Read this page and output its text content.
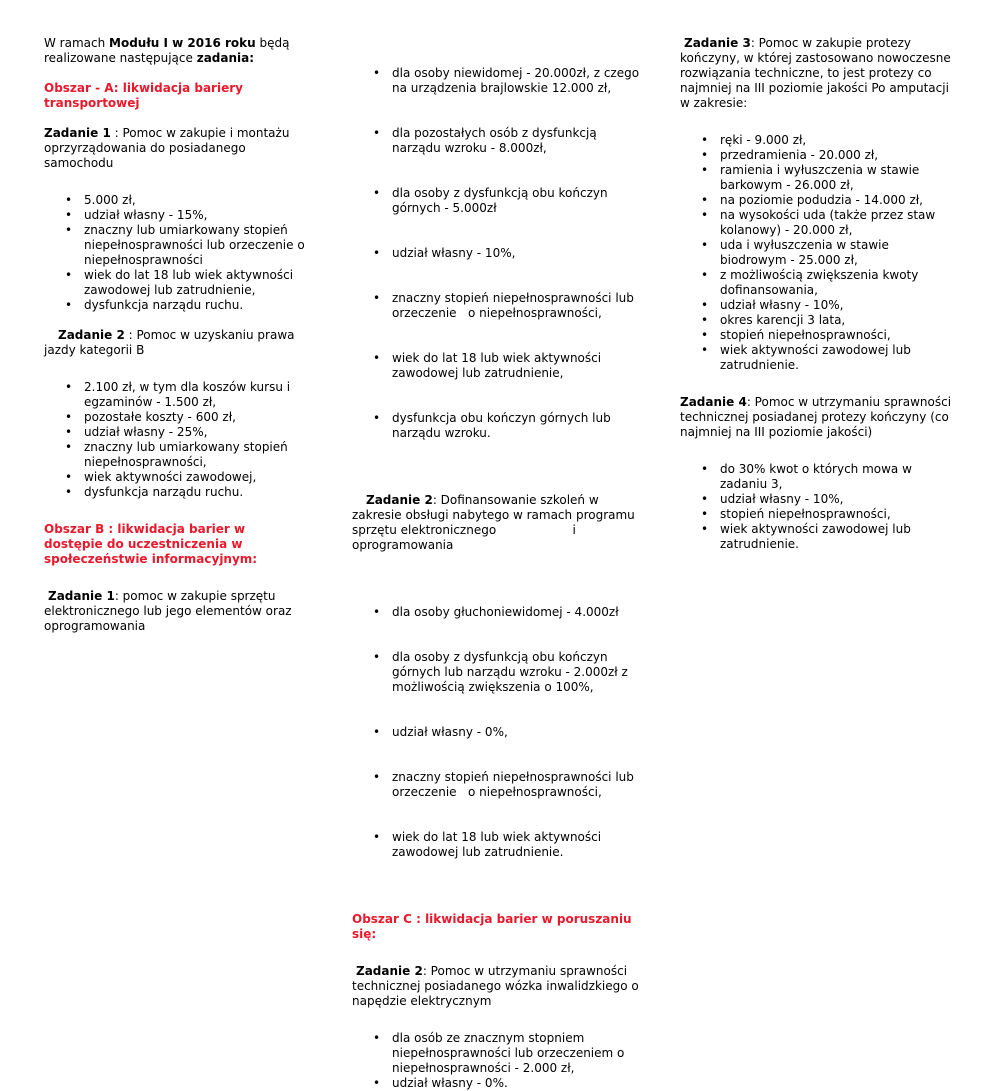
W ramach Modułu I w 2016 roku będą realizowane następujące zadania:

Obszar - A: likwidacja bariery transportowej

Zadanie 1 : Pomoc w zakupie i montażu oprzyrządowania do posiadanego samochodu

• 5.000 zł,
• udział własny - 15%,
• znaczny lub umiarkowany stopień niepełnosprawności lub orzeczenie o niepełnosprawności
• wiek do lat 18 lub wiek aktywności zawodowej lub zatrudnienie,
• dysfunkcja narządu ruchu.

Zadanie 2 : Pomoc w uzyskaniu prawa jazdy kategorii B

• 2.100 zł, w tym dla koszów kursu i egzaminów - 1.500 zł,
• pozostałe koszty - 600 zł,
• udział własny - 25%,
• znaczny lub umiarkowany stopień niepełnosprawności,
• wiek aktywności zawodowej,
• dysfunkcja narządu ruchu.

Obszar B : likwidacja barier w dostępie do uczestniczenia w społeczeństwie informacyjnym:

Zadanie 1: pomoc w zakupie sprzętu elektronicznego lub jego elementów oraz oprogramowania

• dla osoby niewidomej - 20.000zł, z czego na urządzenia brajlowskie 12.000 zł,

• dla pozostałych osób z dysfunkcją narządu wzroku - 8.000zł,

• dla osoby z dysfunkcją obu kończyn górnych - 5.000zł

• udział własny - 10%,

• znaczny stopień niepełnosprawności lub orzeczenie   o niepełnosprawności,

• wiek do lat 18 lub wiek aktywności zawodowej lub zatrudnienie,

• dysfunkcja obu kończyn górnych lub narządu wzroku.

Zadanie 2: Dofinansowanie szkoleń w zakresie obsługi nabytego w ramach programu sprzętu elektronicznego                    i oprogramowania

• dla osoby głuchoniewidomej - 4.000zł

• dla osoby z dysfunkcją obu kończyn górnych lub narządu wzroku - 2.000zł z możliwością zwiększenia o 100%,

• udział własny - 0%,

• znaczny stopień niepełnosprawności lub orzeczenie   o niepełnosprawności,

• wiek do lat 18 lub wiek aktywności zawodowej lub zatrudnienie.

Obszar C : likwidacja barier w poruszaniu się:

Zadanie 2: Pomoc w utrzymaniu sprawności technicznej posiadanego wózka inwalidzkiego o napędzie elektrycznym

• dla osób ze znacznym stopniem niepełnosprawności lub orzeczeniem o niepełnosprawności - 2.000 zł,
• udział własny - 0%.

Zadanie 3: Pomoc w zakupie protezy kończyny, w której zastosowano nowoczesne rozwiązania techniczne, to jest protezy co najmniej na III poziomie jakości Po amputacji w zakresie:

• ręki - 9.000 zł,
• przedramienia - 20.000 zł,
• ramienia i wyłuszczenia w stawie barkowym - 26.000 zł,
• na poziomie podudzia - 14.000 zł,
• na wysokości uda (także przez staw kolanowy) - 20.000 zł,
• uda i wyłuszczenia w stawie biodrowym - 25.000 zł,
• z możliwością zwiększenia kwoty dofinansowania,
• udział własny - 10%,
• okres karencji 3 lata,
• stopień niepełnosprawności,
• wiek aktywności zawodowej lub zatrudnienie.

Zadanie 4: Pomoc w utrzymaniu sprawności technicznej posiadanej protezy kończyny (co najmniej na III poziomie jakości)

• do 30% kwot o których mowa w zadaniu 3,
• udział własny - 10%,
• stopień niepełnosprawności,
• wiek aktywności zawodowej lub zatrudnienie.
